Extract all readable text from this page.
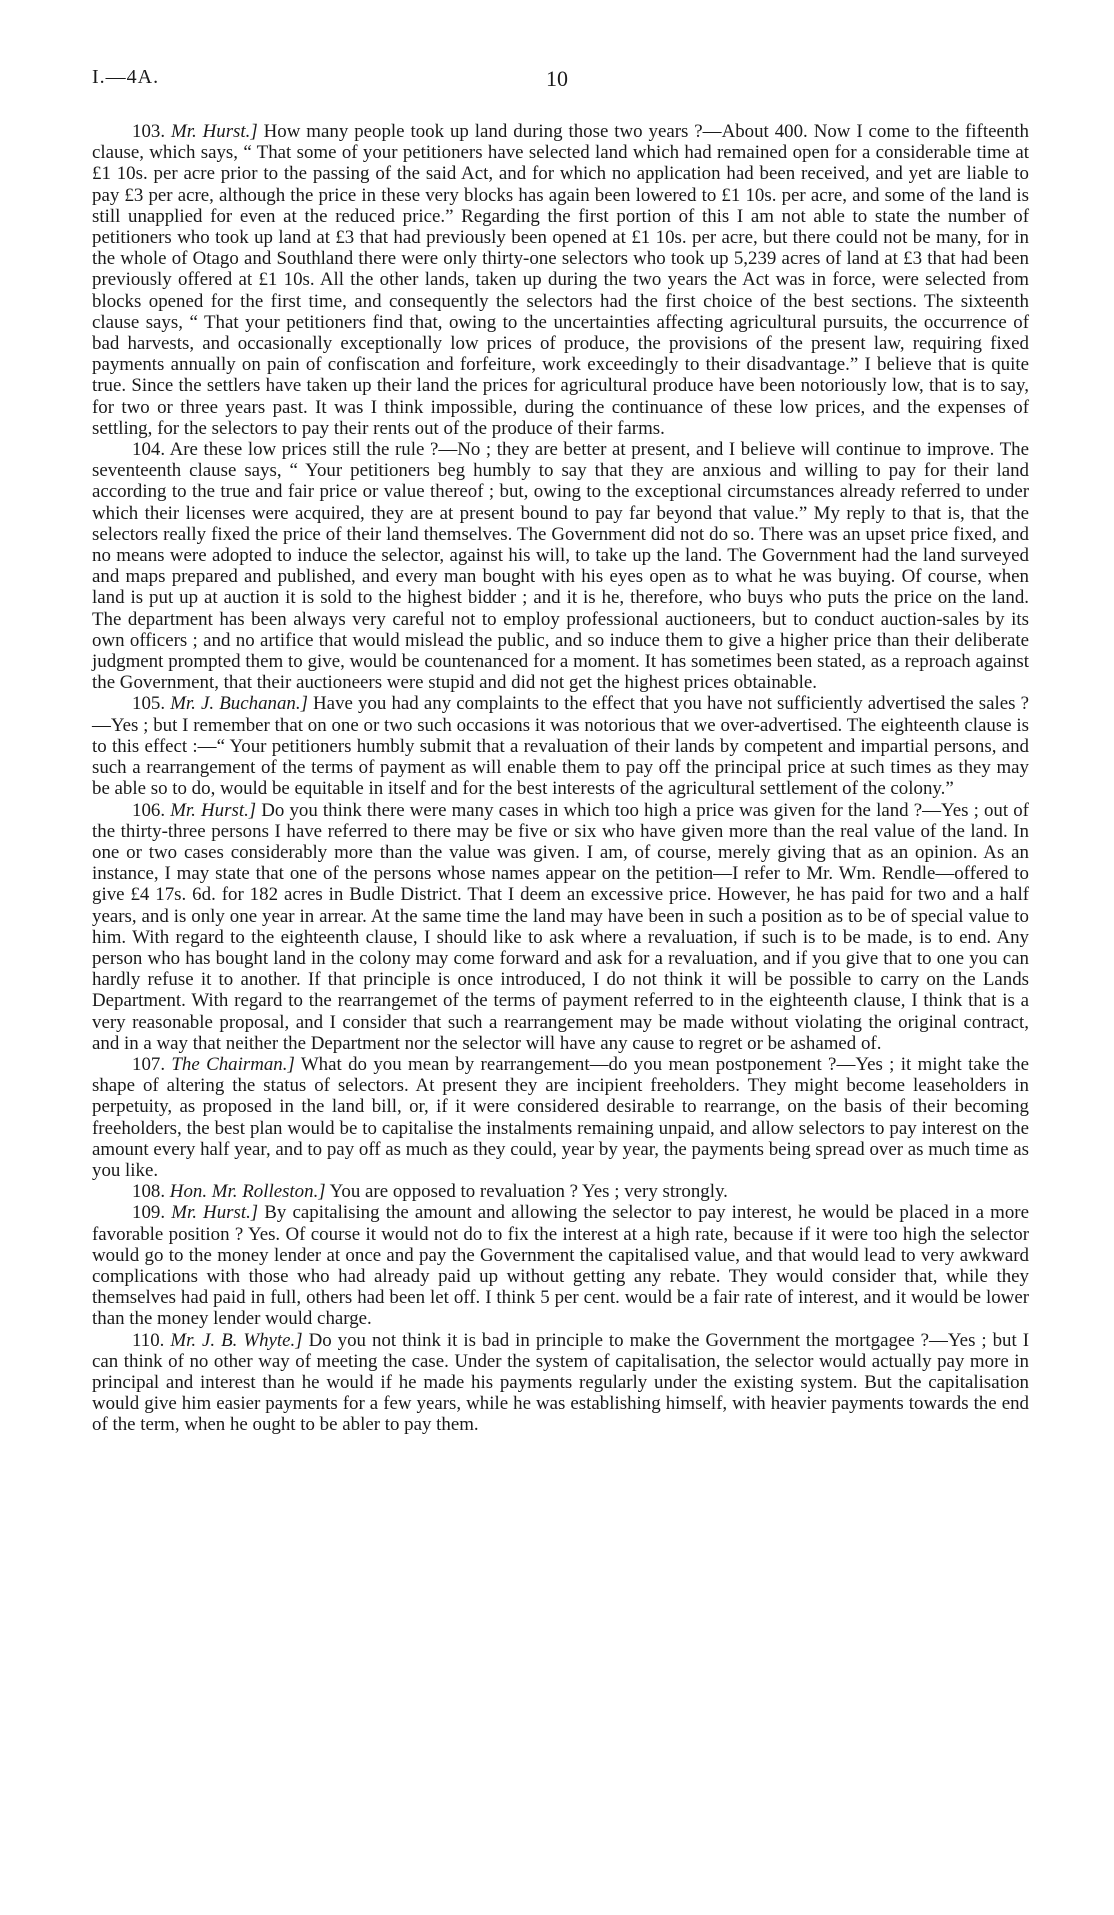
I.—4A.	10

103. Mr. Hurst.] How many people took up land during those two years ?—About 400. Now I come to the fifteenth clause, which says, “ That some of your petitioners have selected land which had remained open for a considerable time at £1 10s. per acre prior to the passing of the said Act, and for which no application had been received, and yet are liable to pay £3 per acre, although the price in these very blocks has again been lowered to £1 10s. per acre, and some of the land is still unapplied for even at the reduced price.” Regarding the first portion of this I am not able to state the number of petitioners who took up land at £3 that had previously been opened at £1 10s. per acre, but there could not be many, for in the whole of Otago and Southland there were only thirty-one selectors who took up 5,239 acres of land at £3 that had been previously offered at £1 10s. All the other lands, taken up during the two years the Act was in force, were selected from blocks opened for the first time, and consequently the selectors had the first choice of the best sections. The sixteenth clause says, “ That your petitioners find that, owing to the uncertainties affecting agricultural pursuits, the occurrence of bad harvests, and occasionally exceptionally low prices of produce, the provisions of the present law, requiring fixed payments annually on pain of confiscation and forfeiture, work exceedingly to their disadvantage.” I believe that is quite true. Since the settlers have taken up their land the prices for agricultural produce have been notoriously low, that is to say, for two or three years past. It was I think impossible, during the continuance of these low prices, and the expenses of settling, for the selectors to pay their rents out of the produce of their farms.

104. Are these low prices still the rule ?—No ; they are better at present, and I believe will continue to improve. The seventeenth clause says, “ Your petitioners beg humbly to say that they are anxious and willing to pay for their land according to the true and fair price or value thereof ; but, owing to the exceptional circumstances already referred to under which their licenses were acquired, they are at present bound to pay far beyond that value.” My reply to that is, that the selectors really fixed the price of their land themselves. The Government did not do so. There was an upset price fixed, and no means were adopted to induce the selector, against his will, to take up the land. The Government had the land surveyed and maps prepared and published, and every man bought with his eyes open as to what he was buying. Of course, when land is put up at auction it is sold to the highest bidder ; and it is he, therefore, who buys who puts the price on the land. The department has been always very careful not to employ professional auctioneers, but to conduct auction-sales by its own officers ; and no artifice that would mislead the public, and so induce them to give a higher price than their deliberate judgment prompted them to give, would be countenanced for a moment. It has sometimes been stated, as a reproach against the Government, that their auctioneers were stupid and did not get the highest prices obtainable.

105. Mr. J. Buchanan.] Have you had any complaints to the effect that you have not sufficiently advertised the sales ?—Yes ; but I remember that on one or two such occasions it was notorious that we over-advertised. The eighteenth clause is to this effect :—“ Your petitioners humbly submit that a revaluation of their lands by competent and impartial persons, and such a rearrangement of the terms of payment as will enable them to pay off the principal price at such times as they may be able so to do, would be equitable in itself and for the best interests of the agricultural settlement of the colony.”

106. Mr. Hurst.] Do you think there were many cases in which too high a price was given for the land ?—Yes ; out of the thirty-three persons I have referred to there may be five or six who have given more than the real value of the land. In one or two cases considerably more than the value was given. I am, of course, merely giving that as an opinion. As an instance, I may state that one of the persons whose names appear on the petition—I refer to Mr. Wm. Rendle—offered to give £4 17s. 6d. for 182 acres in Budle District. That I deem an excessive price. However, he has paid for two and a half years, and is only one year in arrear. At the same time the land may have been in such a position as to be of special value to him. With regard to the eighteenth clause, I should like to ask where a revaluation, if such is to be made, is to end. Any person who has bought land in the colony may come forward and ask for a revaluation, and if you give that to one you can hardly refuse it to another. If that principle is once introduced, I do not think it will be possible to carry on the Lands Department. With regard to the rearrangemet of the terms of payment referred to in the eighteenth clause, I think that is a very reasonable proposal, and I consider that such a rearrangement may be made without violating the original contract, and in a way that neither the Department nor the selector will have any cause to regret or be ashamed of.

107. The Chairman.] What do you mean by rearrangement—do you mean postponement ?—Yes ; it might take the shape of altering the status of selectors. At present they are incipient freeholders. They might become leaseholders in perpetuity, as proposed in the land bill, or, if it were considered desirable to rearrange, on the basis of their becoming freeholders, the best plan would be to capitalise the instalments remaining unpaid, and allow selectors to pay interest on the amount every half year, and to pay off as much as they could, year by year, the payments being spread over as much time as you like.

108. Hon. Mr. Rolleston.] You are opposed to revaluation ? Yes ; very strongly.

109. Mr. Hurst.] By capitalising the amount and allowing the selector to pay interest, he would be placed in a more favorable position ? Yes. Of course it would not do to fix the interest at a high rate, because if it were too high the selector would go to the money lender at once and pay the Government the capitalised value, and that would lead to very awkward complications with those who had already paid up without getting any rebate. They would consider that, while they themselves had paid in full, others had been let off. I think 5 per cent. would be a fair rate of interest, and it would be lower than the money lender would charge.

110. Mr. J. B. Whyte.] Do you not think it is bad in principle to make the Government the mortgagee ?—Yes ; but I can think of no other way of meeting the case. Under the system of capitalisation, the selector would actually pay more in principal and interest than he would if he made his payments regularly under the existing system. But the capitalisation would give him easier payments for a few years, while he was establishing himself, with heavier payments towards the end of the term, when he ought to be abler to pay them.
